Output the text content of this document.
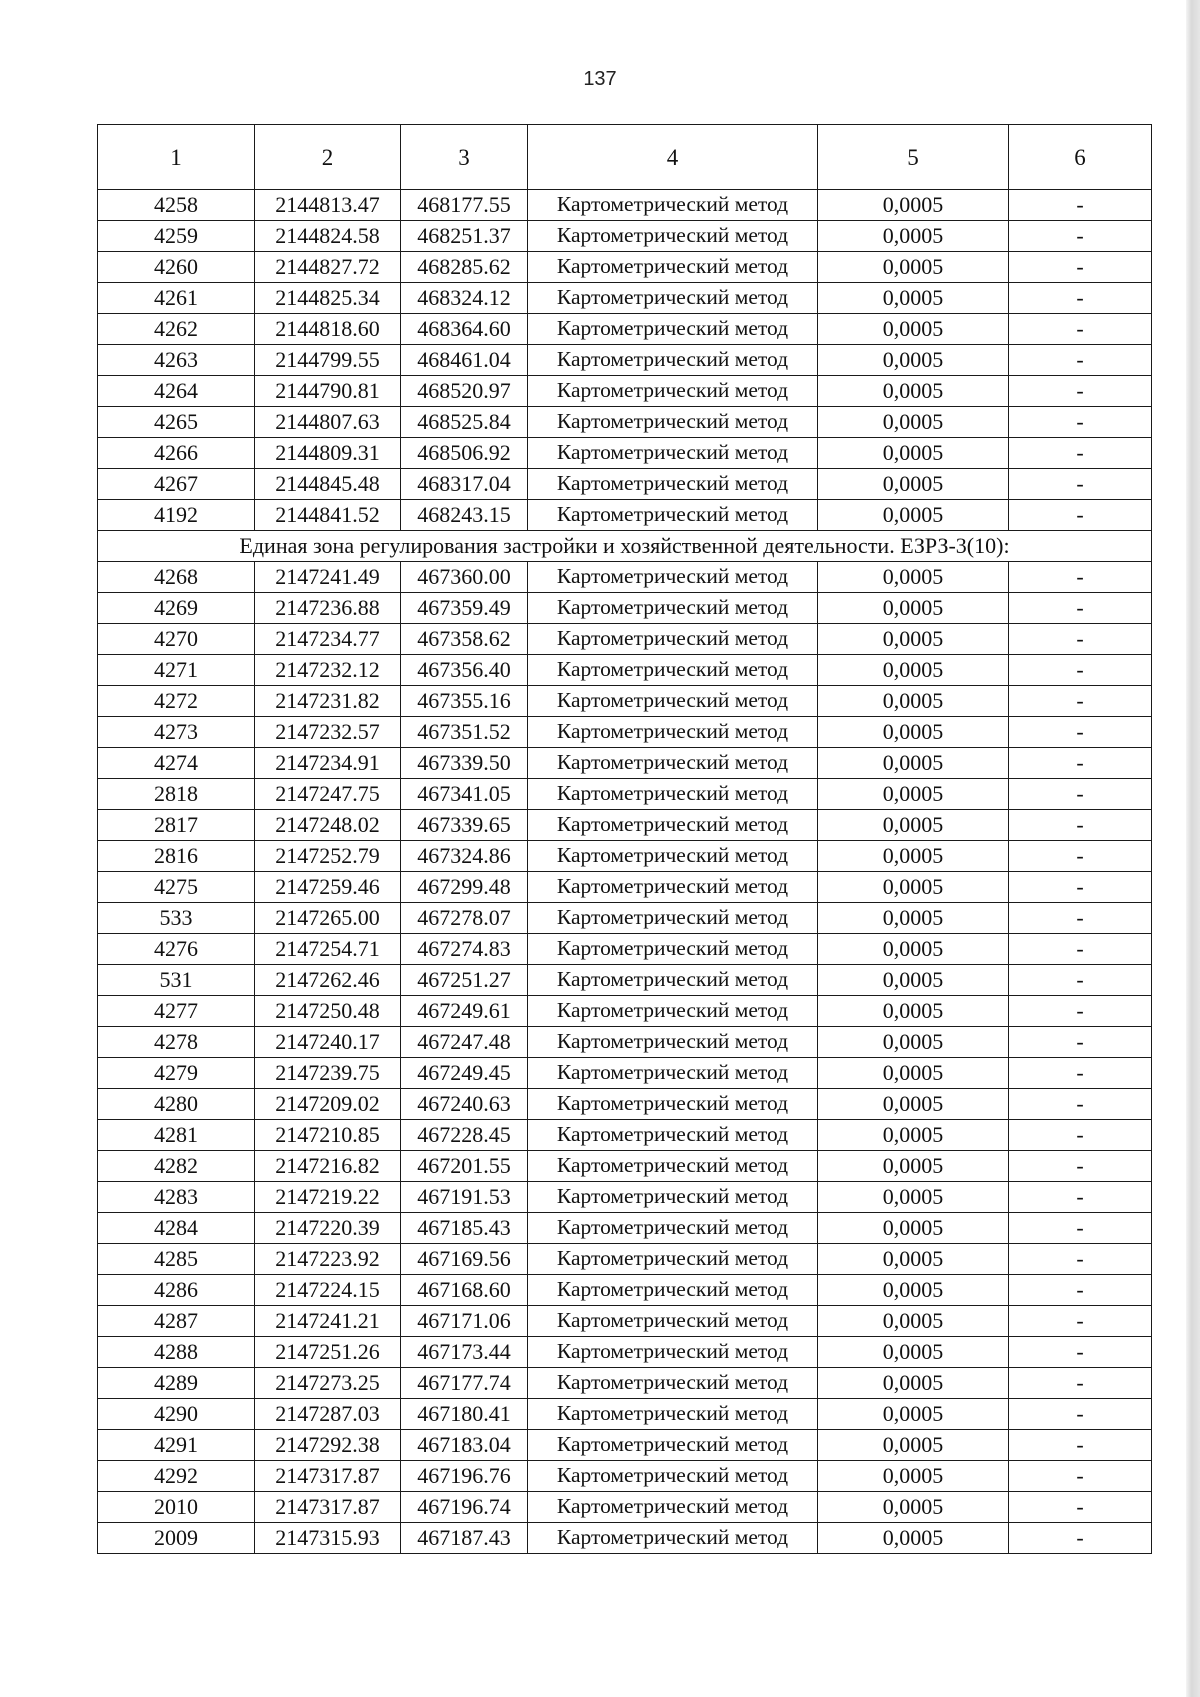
137
1	2	3	4	5	6
4258	2144813.47	468177.55	Картометрический метод	0,0005	-
4259	2144824.58	468251.37	Картометрический метод	0,0005	-
4260	2144827.72	468285.62	Картометрический метод	0,0005	-
4261	2144825.34	468324.12	Картометрический метод	0,0005	-
4262	2144818.60	468364.60	Картометрический метод	0,0005	-
4263	2144799.55	468461.04	Картометрический метод	0,0005	-
4264	2144790.81	468520.97	Картометрический метод	0,0005	-
4265	2144807.63	468525.84	Картометрический метод	0,0005	-
4266	2144809.31	468506.92	Картометрический метод	0,0005	-
4267	2144845.48	468317.04	Картометрический метод	0,0005	-
4192	2144841.52	468243.15	Картометрический метод	0,0005	-
Единая зона регулирования застройки и хозяйственной деятельности. ЕЗРЗ-3(10):					
4268	2147241.49	467360.00	Картометрический метод	0,0005	-
4269	2147236.88	467359.49	Картометрический метод	0,0005	-
4270	2147234.77	467358.62	Картометрический метод	0,0005	-
4271	2147232.12	467356.40	Картометрический метод	0,0005	-
4272	2147231.82	467355.16	Картометрический метод	0,0005	-
4273	2147232.57	467351.52	Картометрический метод	0,0005	-
4274	2147234.91	467339.50	Картометрический метод	0,0005	-
2818	2147247.75	467341.05	Картометрический метод	0,0005	-
2817	2147248.02	467339.65	Картометрический метод	0,0005	-
2816	2147252.79	467324.86	Картометрический метод	0,0005	-
4275	2147259.46	467299.48	Картометрический метод	0,0005	-
533	2147265.00	467278.07	Картометрический метод	0,0005	-
4276	2147254.71	467274.83	Картометрический метод	0,0005	-
531	2147262.46	467251.27	Картометрический метод	0,0005	-
4277	2147250.48	467249.61	Картометрический метод	0,0005	-
4278	2147240.17	467247.48	Картометрический метод	0,0005	-
4279	2147239.75	467249.45	Картометрический метод	0,0005	-
4280	2147209.02	467240.63	Картометрический метод	0,0005	-
4281	2147210.85	467228.45	Картометрический метод	0,0005	-
4282	2147216.82	467201.55	Картометрический метод	0,0005	-
4283	2147219.22	467191.53	Картометрический метод	0,0005	-
4284	2147220.39	467185.43	Картометрический метод	0,0005	-
4285	2147223.92	467169.56	Картометрический метод	0,0005	-
4286	2147224.15	467168.60	Картометрический метод	0,0005	-
4287	2147241.21	467171.06	Картометрический метод	0,0005	-
4288	2147251.26	467173.44	Картометрический метод	0,0005	-
4289	2147273.25	467177.74	Картометрический метод	0,0005	-
4290	2147287.03	467180.41	Картометрический метод	0,0005	-
4291	2147292.38	467183.04	Картометрический метод	0,0005	-
4292	2147317.87	467196.76	Картометрический метод	0,0005	-
2010	2147317.87	467196.74	Картометрический метод	0,0005	-
2009	2147315.93	467187.43	Картометрический метод	0,0005	-
